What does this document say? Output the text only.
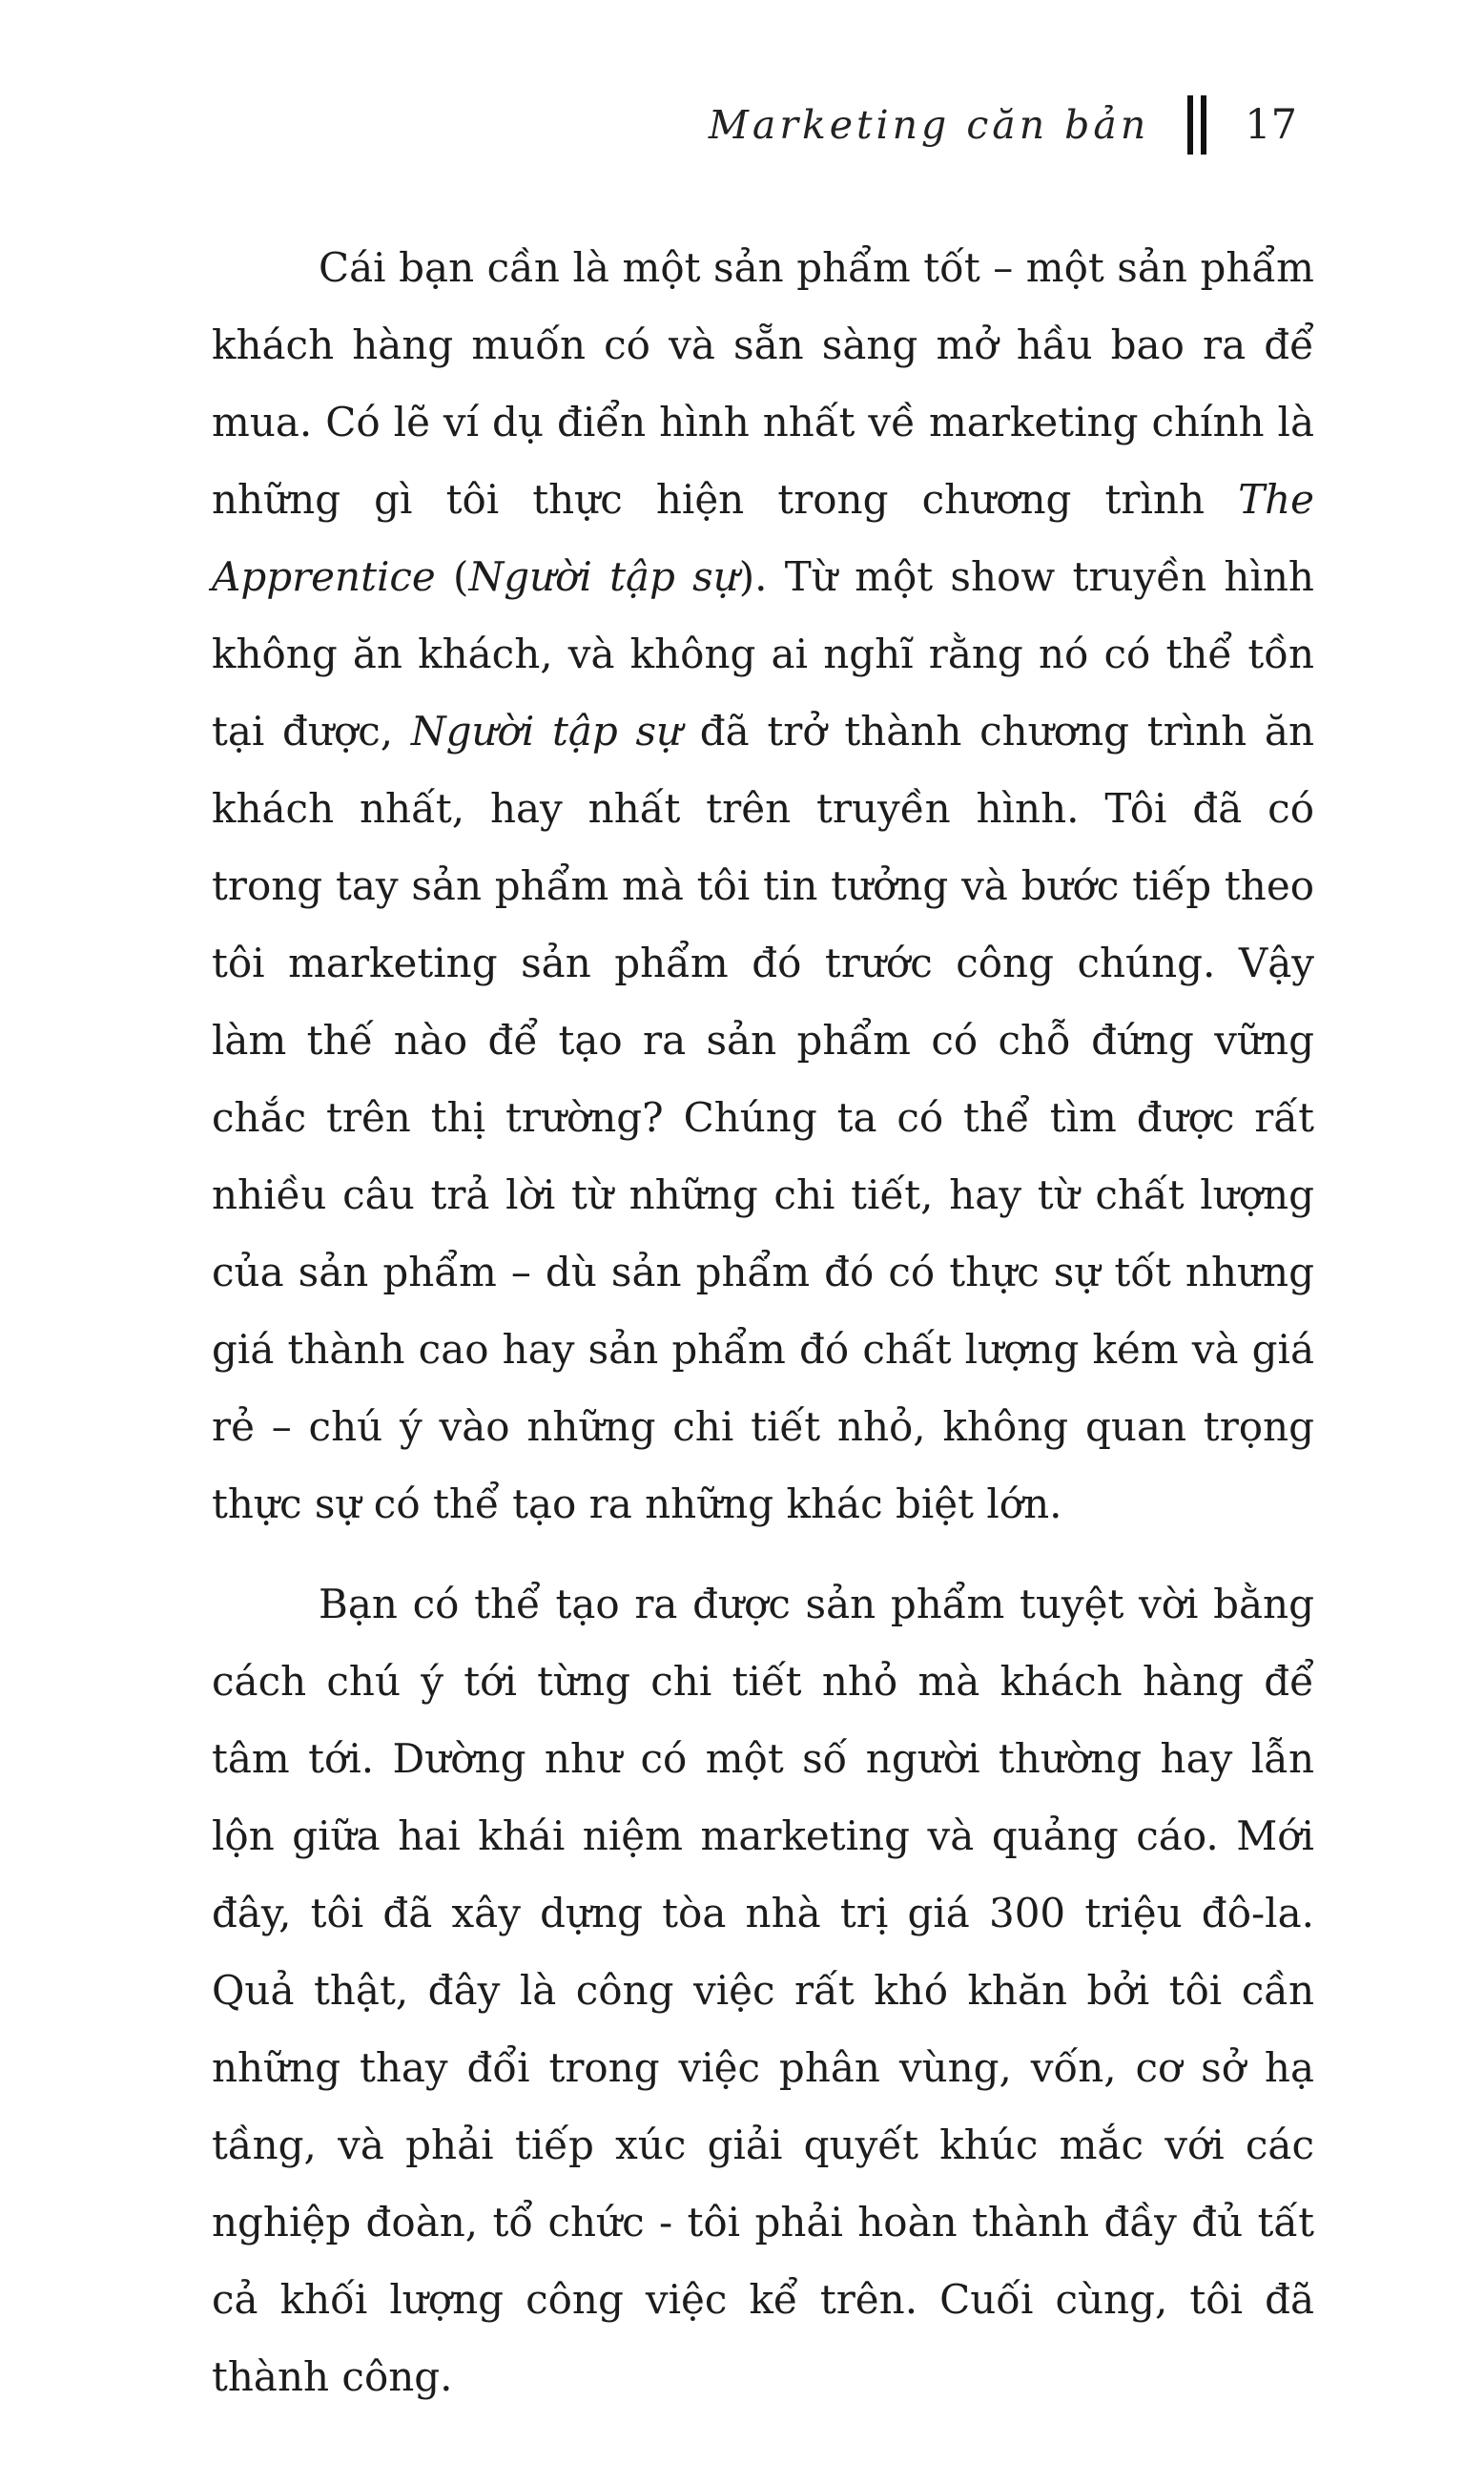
Marketing căn bản 17

Cái bạn cần là một sản phẩm tốt – một sản phẩm khách hàng muốn có và sẵn sàng mở hầu bao ra để mua. Có lẽ ví dụ điển hình nhất về marketing chính là những gì tôi thực hiện trong chương trình The Apprentice (Người tập sự). Từ một show truyền hình không ăn khách, và không ai nghĩ rằng nó có thể tồn tại được, Người tập sự đã trở thành chương trình ăn khách nhất, hay nhất trên truyền hình. Tôi đã có trong tay sản phẩm mà tôi tin tưởng và bước tiếp theo tôi marketing sản phẩm đó trước công chúng. Vậy làm thế nào để tạo ra sản phẩm có chỗ đứng vững chắc trên thị trường? Chúng ta có thể tìm được rất nhiều câu trả lời từ những chi tiết, hay từ chất lượng của sản phẩm – dù sản phẩm đó có thực sự tốt nhưng giá thành cao hay sản phẩm đó chất lượng kém và giá rẻ – chú ý vào những chi tiết nhỏ, không quan trọng thực sự có thể tạo ra những khác biệt lớn.

Bạn có thể tạo ra được sản phẩm tuyệt vời bằng cách chú ý tới từng chi tiết nhỏ mà khách hàng để tâm tới. Dường như có một số người thường hay lẫn lộn giữa hai khái niệm marketing và quảng cáo. Mới đây, tôi đã xây dựng tòa nhà trị giá 300 triệu đô-la. Quả thật, đây là công việc rất khó khăn bởi tôi cần những thay đổi trong việc phân vùng, vốn, cơ sở hạ tầng, và phải tiếp xúc giải quyết khúc mắc với các nghiệp đoàn, tổ chức - tôi phải hoàn thành đầy đủ tất cả khối lượng công việc kể trên. Cuối cùng, tôi đã thành công.
